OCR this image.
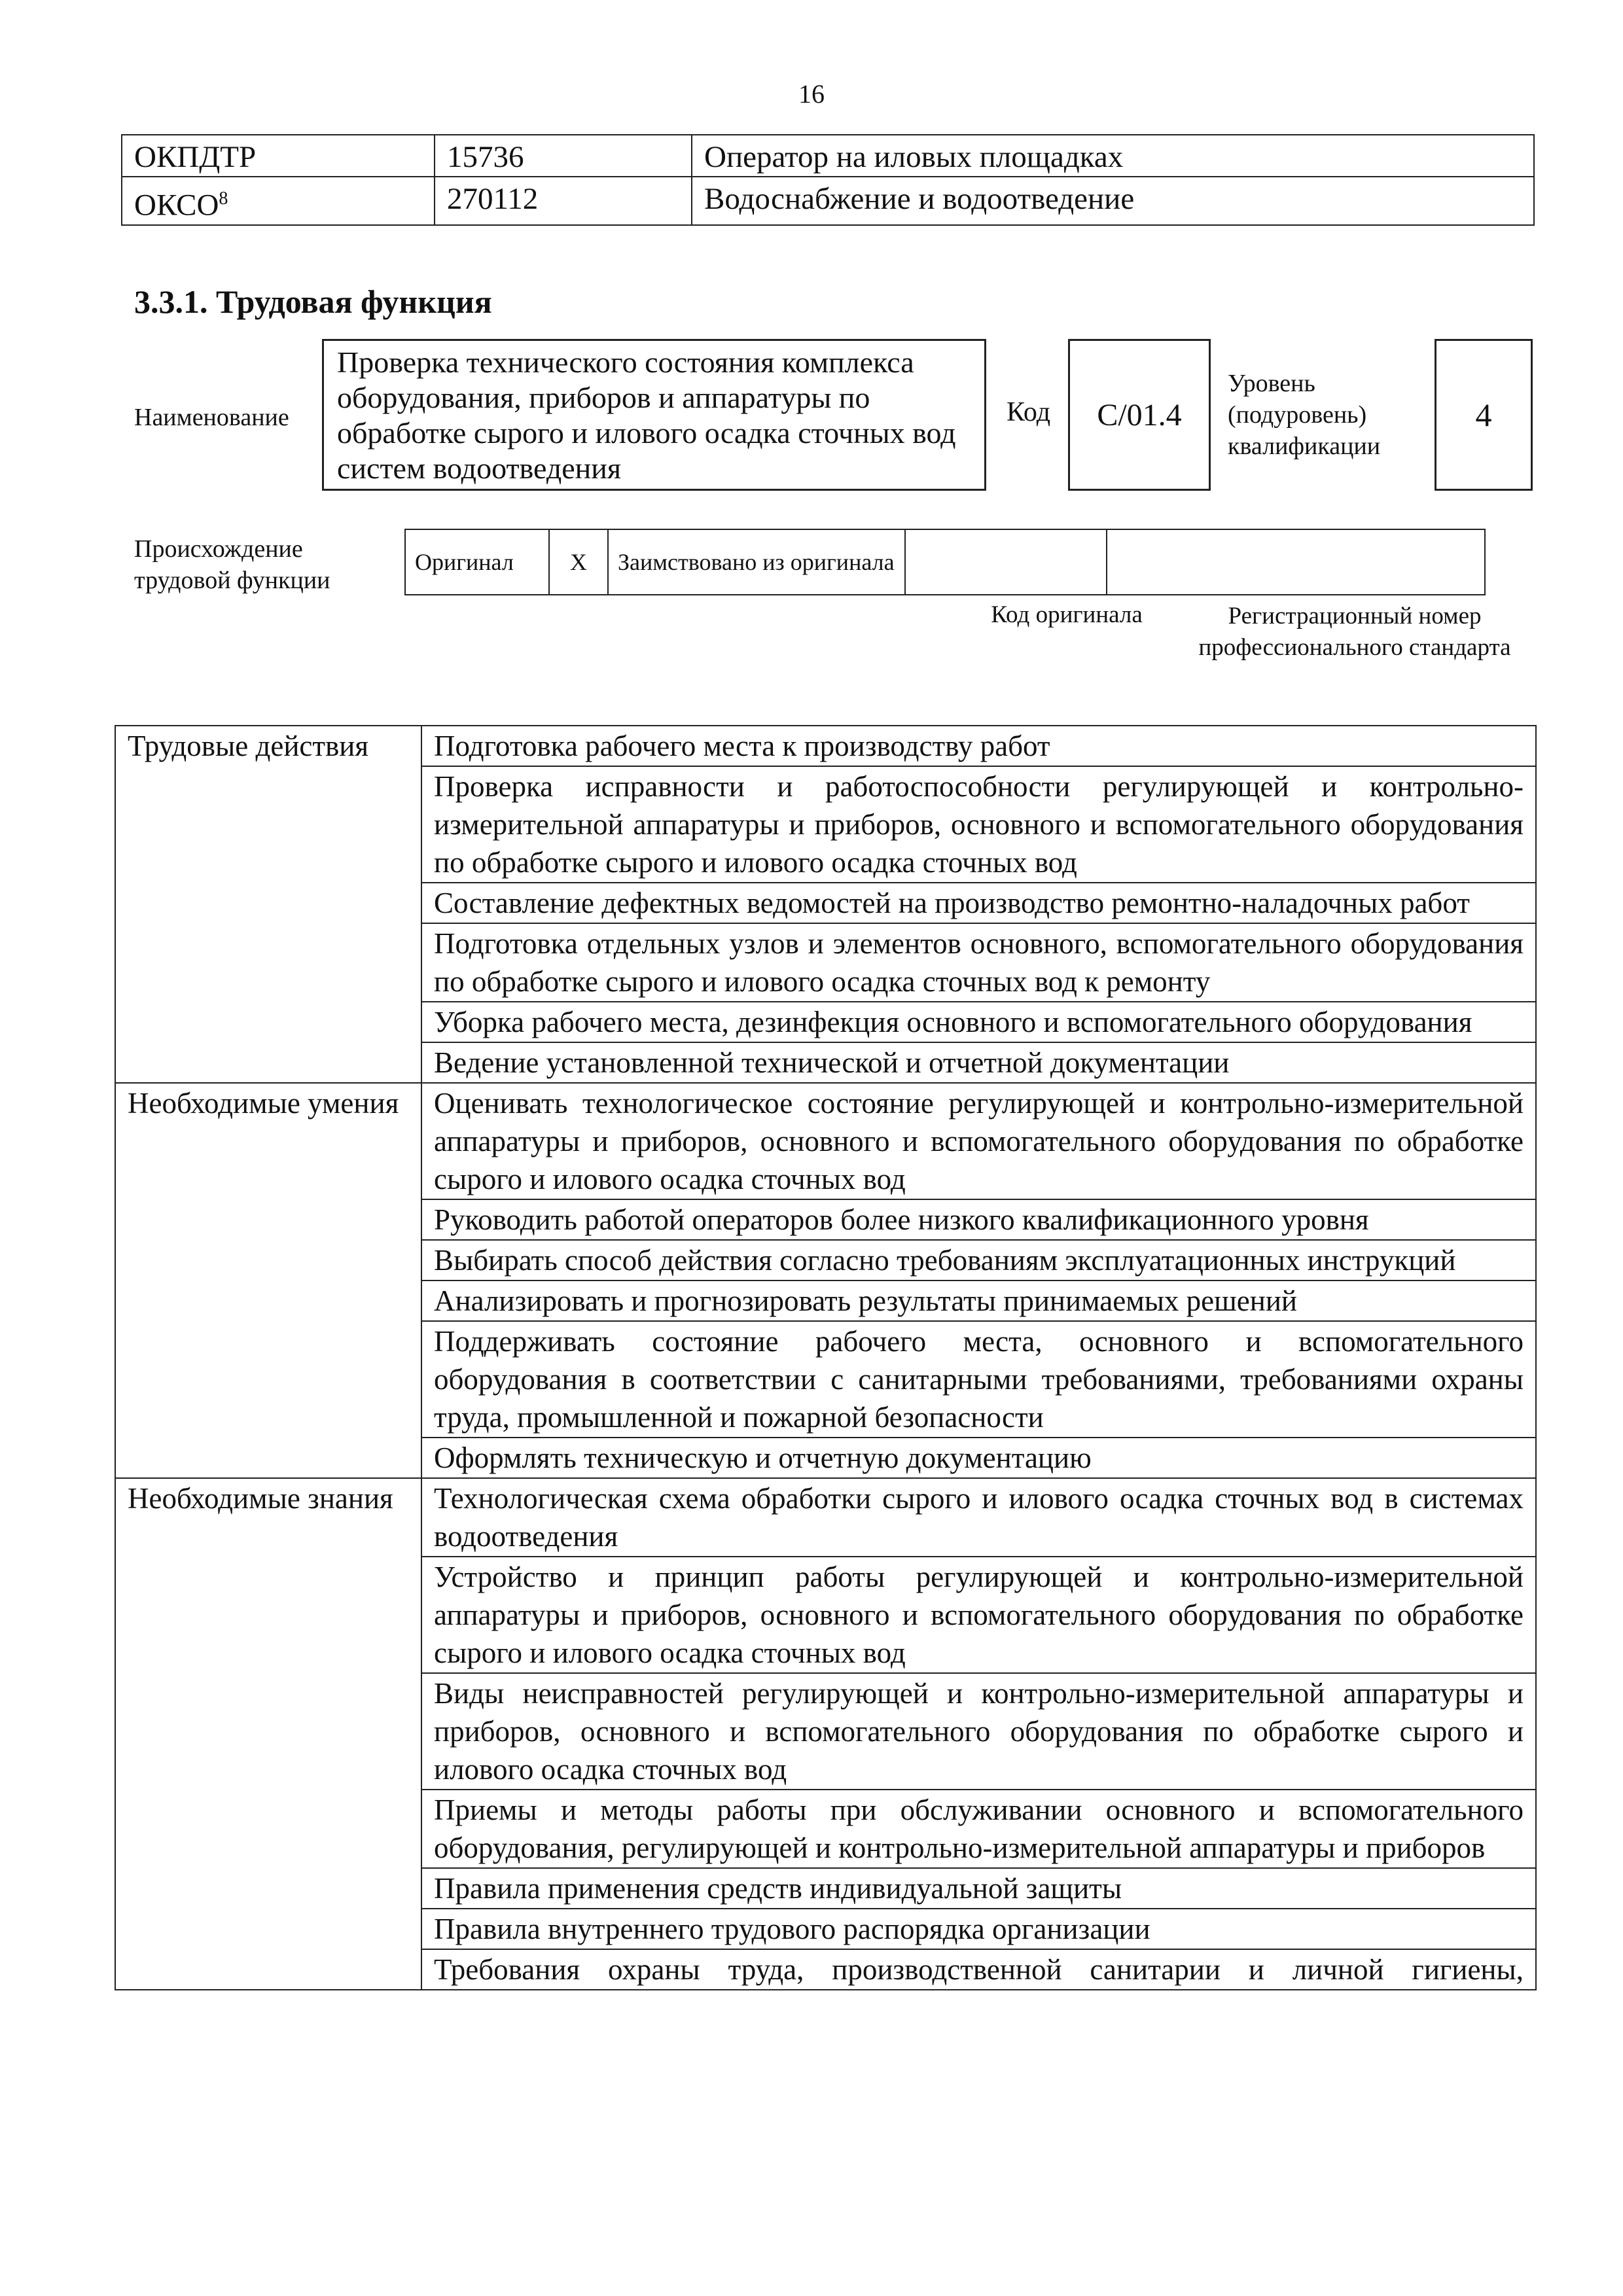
16
ОКПДТР	15736	Оператор на иловых площадках
ОКСО$^8$	270112	Водоснабжение и водоотведение
3.3.1. Трудовая функция
Наименование
Проверка технического состояния комплекса оборудования, приборов и аппаратуры по обработке сырого и илового осадка сточных вод систем водоотведения
Код C/01.4
Уровень
(подуровень)
квалификации
4
Происхождение
трудовой функции
Оригинал	X	Заимствовано из оригинала		
Код оригинала	Регистрационный номер профессионального стандарта
Трудовые действия	Подготовка рабочего места к производству работ
	Проверка исправности и работоспособности регулирующей и контрольно-измерительной аппаратуры и приборов, основного и вспомогательного оборудования по обработке сырого и илового осадка сточных вод
	Составление дефектных ведомостей на производство ремонтно-наладочных работ
	Подготовка отдельных узлов и элементов основного, вспомогательного оборудования по обработке сырого и илового осадка сточных вод к ремонту
	Уборка рабочего места, дезинфекция основного и вспомогательного оборудования
	Ведение установленной технической и отчетной документации
Необходимые умения	Оценивать технологическое состояние регулирующей и контрольно-измерительной аппаратуры и приборов, основного и вспомогательного оборудования по обработке сырого и илового осадка сточных вод
	Руководить работой операторов более низкого квалификационного уровня
	Выбирать способ действия согласно требованиям эксплуатационных инструкций
	Анализировать и прогнозировать результаты принимаемых решений
	Поддерживать состояние рабочего места, основного и вспомогательного оборудования в соответствии с санитарными требованиями, требованиями охраны труда, промышленной и пожарной безопасности
	Оформлять техническую и отчетную документацию
Необходимые знания	Технологическая схема обработки сырого и илового осадка сточных вод в системах водоотведения
	Устройство и принцип работы регулирующей и контрольно-измерительной аппаратуры и приборов, основного и вспомогательного оборудования по обработке сырого и илового осадка сточных вод
	Виды неисправностей регулирующей и контрольно-измерительной аппаратуры и приборов, основного и вспомогательного оборудования по обработке сырого и илового осадка сточных вод
	Приемы и методы работы при обслуживании основного и вспомогательного оборудования, регулирующей и контрольно-измерительной аппаратуры и приборов
	Правила применения средств индивидуальной защиты
	Правила внутреннего трудового распорядка организации
	Требования охраны труда, производственной санитарии и личной гигиены,
